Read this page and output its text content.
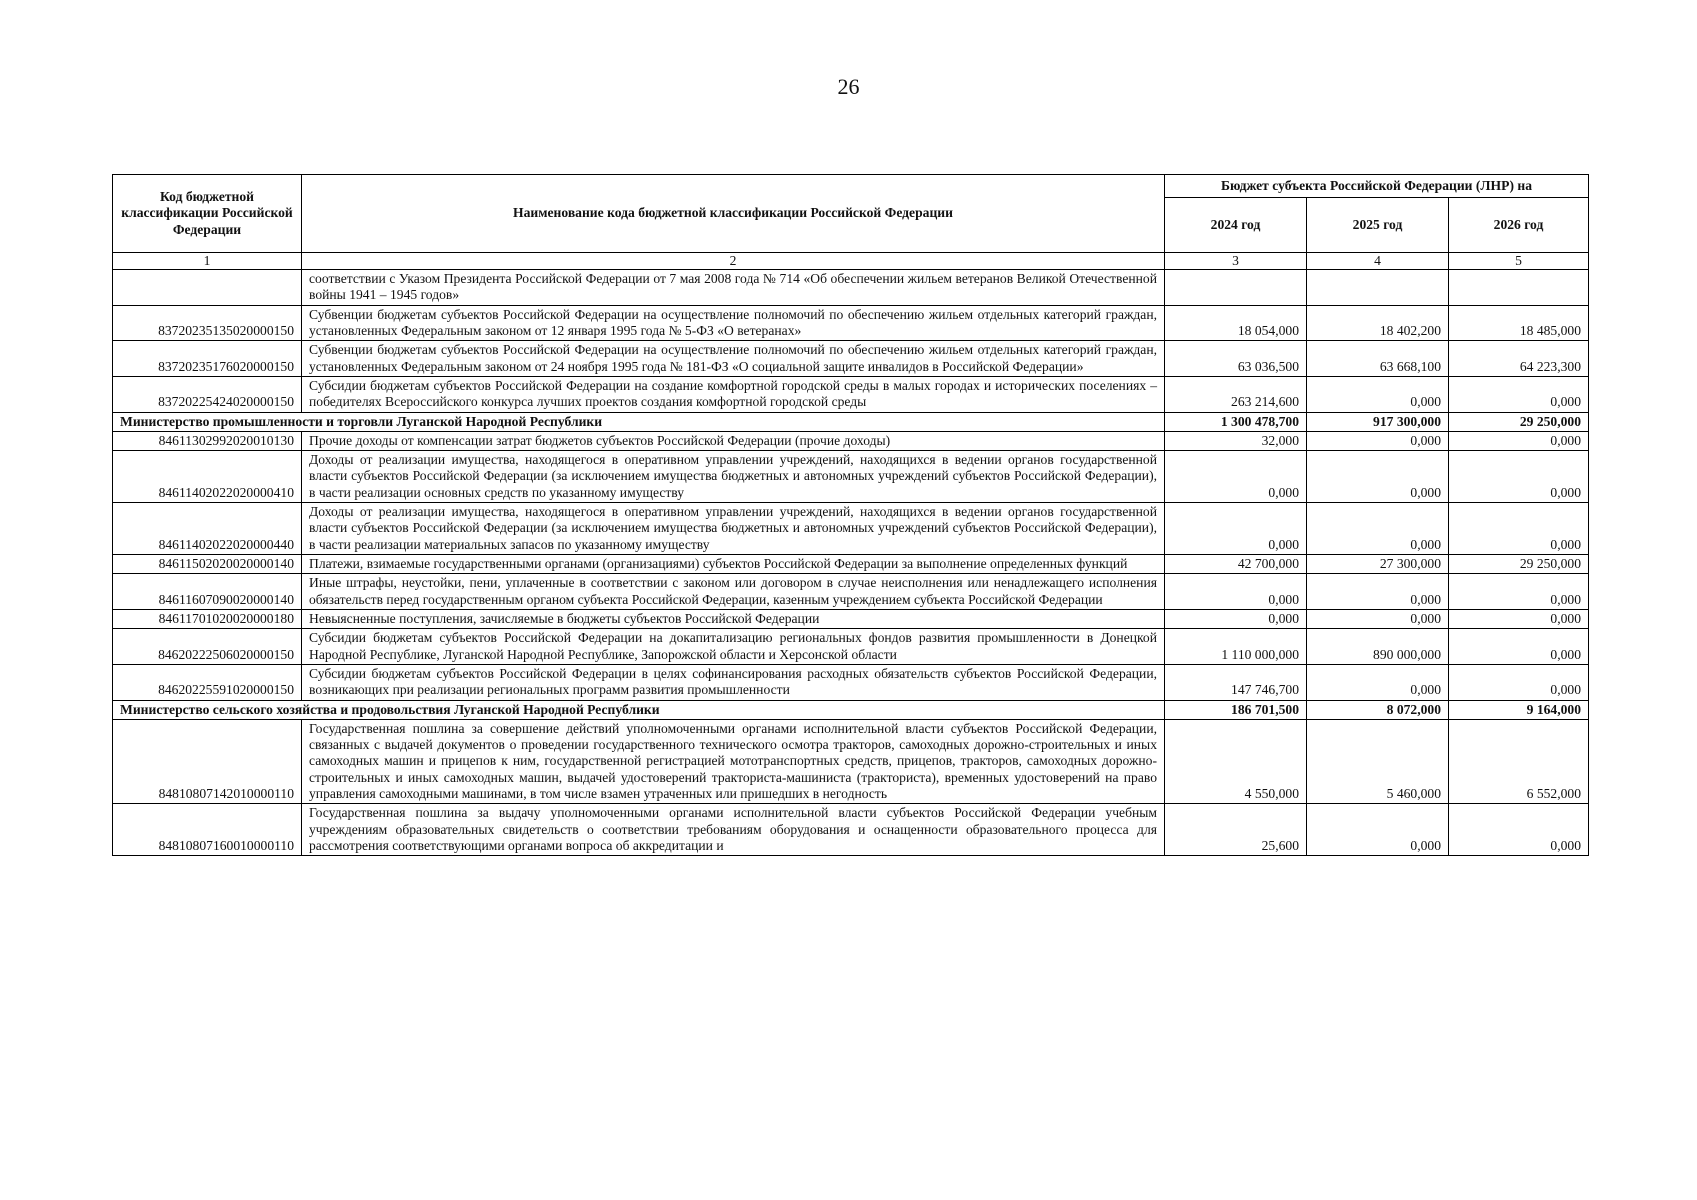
26
Код бюджетной классификации Российской Федерации	Наименование кода бюджетной классификации Российской Федерации	Бюджет субъекта Российской Федерации (ЛНР) на		
		2024 год	2025 год	2026 год
1	2	3	4	5
	соответствии с Указом Президента Российской Федерации от 7 мая 2008 года № 714 «Об обеспечении жильем ветеранов Великой Отечественной войны 1941 – 1945 годов»			
83720235135020000150	Субвенции бюджетам субъектов Российской Федерации на осуществление полномочий по обеспечению жильем отдельных категорий граждан, установленных Федеральным законом от 12 января 1995 года № 5-ФЗ «О ветеранах»	18 054,000	18 402,200	18 485,000
83720235176020000150	Субвенции бюджетам субъектов Российской Федерации на осуществление полномочий по обеспечению жильем отдельных категорий граждан, установленных Федеральным законом от 24 ноября 1995 года № 181-ФЗ «О социальной защите инвалидов в Российской Федерации»	63 036,500	63 668,100	64 223,300
83720225424020000150	Субсидии бюджетам субъектов Российской Федерации на создание комфортной городской среды в малых городах и исторических поселениях – победителях Всероссийского конкурса лучших проектов создания комфортной городской среды	263 214,600	0,000	0,000
Министерство промышленности и торговли Луганской Народной Республики		1 300 478,700	917 300,000	29 250,000
84611302992020010130	Прочие доходы от компенсации затрат бюджетов субъектов Российской Федерации (прочие доходы)	32,000	0,000	0,000
84611402022020000410	Доходы от реализации имущества, находящегося в оперативном управлении учреждений, находящихся в ведении органов государственной власти субъектов Российской Федерации (за исключением имущества бюджетных и автономных учреждений субъектов Российской Федерации), в части реализации основных средств по указанному имуществу	0,000	0,000	0,000
84611402022020000440	Доходы от реализации имущества, находящегося в оперативном управлении учреждений, находящихся в ведении органов государственной власти субъектов Российской Федерации (за исключением имущества бюджетных и автономных учреждений субъектов Российской Федерации), в части реализации материальных запасов по указанному имуществу	0,000	0,000	0,000
84611502020020000140	Платежи, взимаемые государственными органами (организациями) субъектов Российской Федерации за выполнение определенных функций	42 700,000	27 300,000	29 250,000
84611607090020000140	Иные штрафы, неустойки, пени, уплаченные в соответствии с законом или договором в случае неисполнения или ненадлежащего исполнения обязательств перед государственным органом субъекта Российской Федерации, казенным учреждением субъекта Российской Федерации	0,000	0,000	0,000
84611701020020000180	Невыясненные поступления, зачисляемые в бюджеты субъектов Российской Федерации	0,000	0,000	0,000
84620222506020000150	Субсидии бюджетам субъектов Российской Федерации на докапитализацию региональных фондов развития промышленности в Донецкой Народной Республике, Луганской Народной Республике, Запорожской области и Херсонской области	1 110 000,000	890 000,000	0,000
84620225591020000150	Субсидии бюджетам субъектов Российской Федерации в целях софинансирования расходных обязательств субъектов Российской Федерации, возникающих при реализации региональных программ развития промышленности	147 746,700	0,000	0,000
Министерство сельского хозяйства и продовольствия Луганской Народной Республики		186 701,500	8 072,000	9 164,000
84810807142010000110	Государственная пошлина за совершение действий уполномоченными органами исполнительной власти субъектов Российской Федерации, связанных с выдачей документов о проведении государственного технического осмотра тракторов, самоходных дорожно-строительных и иных самоходных машин и прицепов к ним, государственной регистрацией мототранспортных средств, прицепов, тракторов, самоходных дорожно-строительных и иных самоходных машин, выдачей удостоверений тракториста-машиниста (тракториста), временных удостоверений на право управления самоходными машинами, в том числе взамен утраченных или пришедших в негодность	4 550,000	5 460,000	6 552,000
84810807160010000110	Государственная пошлина за выдачу уполномоченными органами исполнительной власти субъектов Российской Федерации учебным учреждениям образовательных свидетельств о соответствии требованиям оборудования и оснащенности образовательного процесса для рассмотрения соответствующими органами вопроса об аккредитации и	25,600	0,000	0,000
